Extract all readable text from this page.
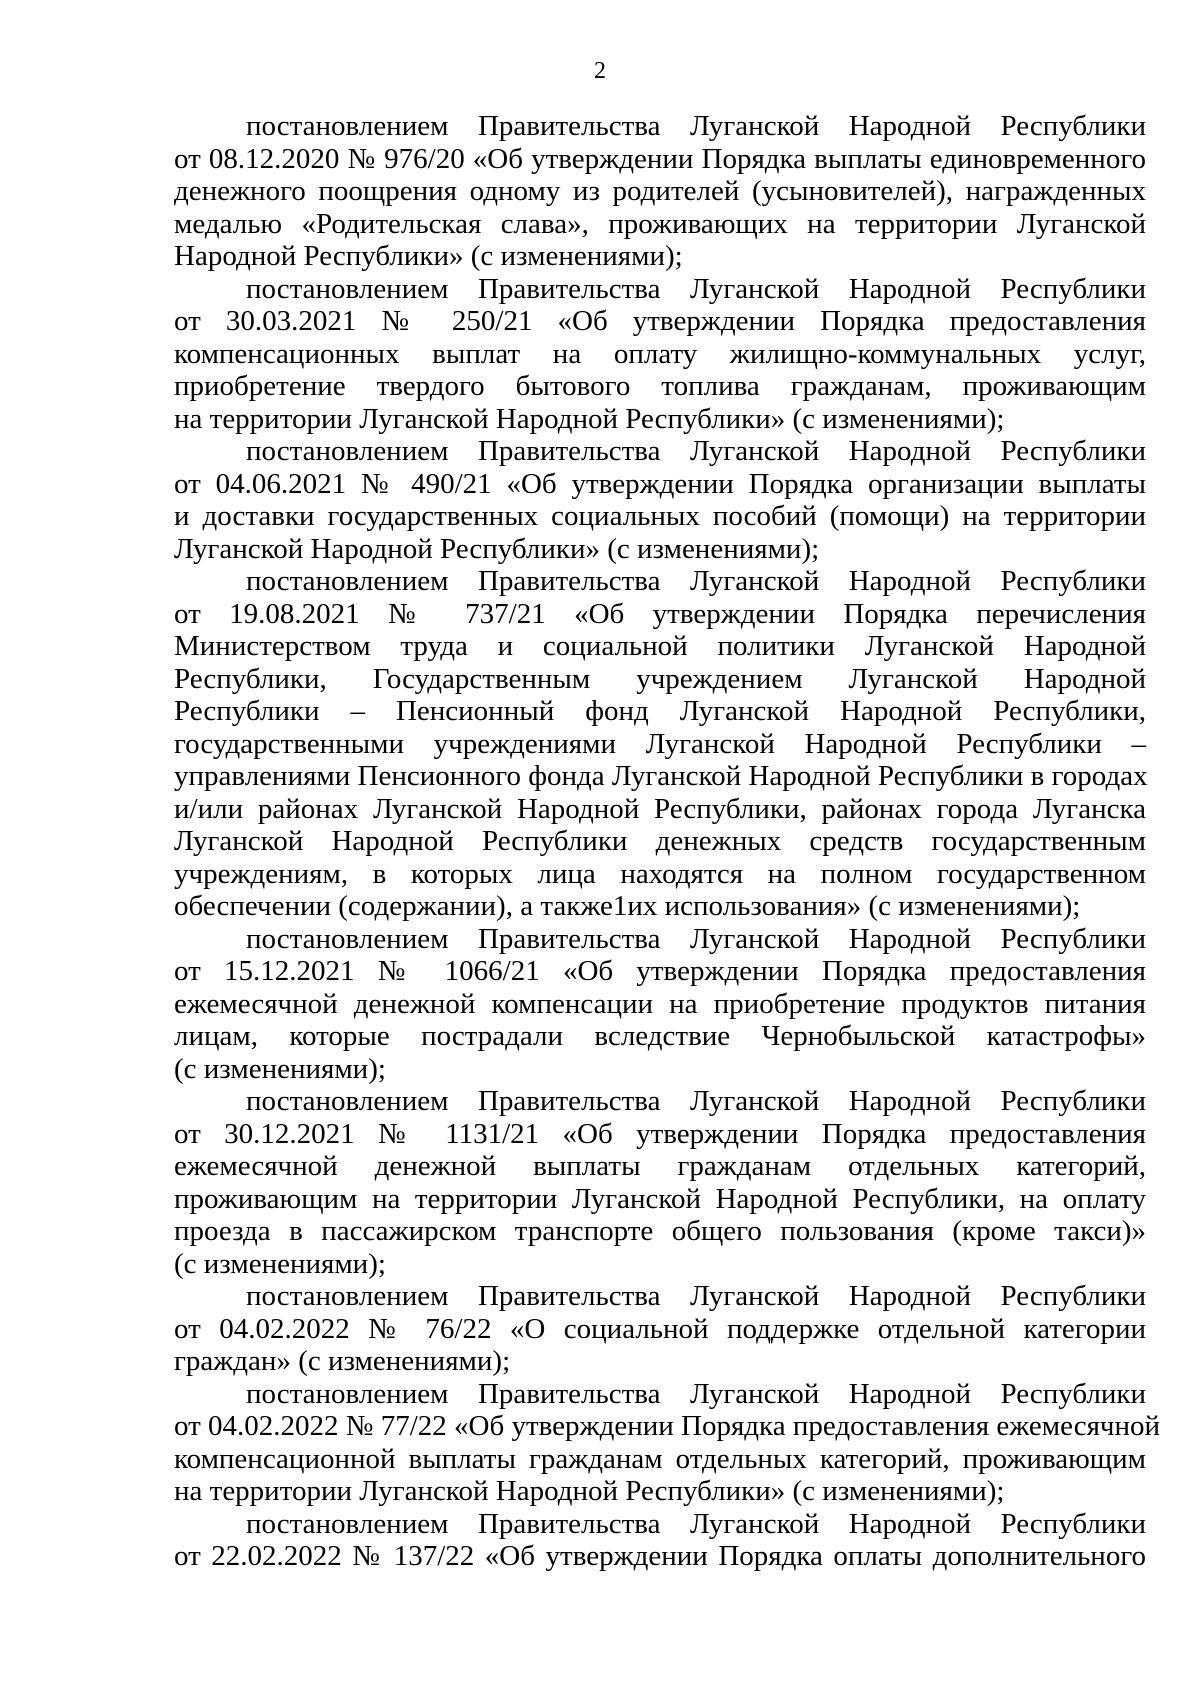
2
постановлением Правительства Луганской Народной Республики
от 08.12.2020 № 976/20 «Об утверждении Порядка выплаты единовременного
денежного поощрения одному из родителей (усыновителей), награжденных
медалью «Родительская слава», проживающих на территории Луганской
Народной Республики» (с изменениями);
постановлением Правительства Луганской Народной Республики
от 30.03.2021 № 250/21 «Об утверждении Порядка предоставления
компенсационных выплат на оплату жилищно-коммунальных услуг,
приобретение твердого бытового топлива гражданам, проживающим
на территории Луганской Народной Республики» (с изменениями);
постановлением Правительства Луганской Народной Республики
от 04.06.2021 № 490/21 «Об утверждении Порядка организации выплаты
и доставки государственных социальных пособий (помощи) на территории
Луганской Народной Республики» (с изменениями);
постановлением Правительства Луганской Народной Республики
от 19.08.2021 № 737/21 «Об утверждении Порядка перечисления
Министерством труда и социальной политики Луганской Народной
Республики, Государственным учреждением Луганской Народной
Республики – Пенсионный фонд Луганской Народной Республики,
государственными учреждениями Луганской Народной Республики –
управлениями Пенсионного фонда Луганской Народной Республики в городах
и/или районах Луганской Народной Республики, районах города Луганска
Луганской Народной Республики денежных средств государственным
учреждениям, в которых лица находятся на полном государственном
обеспечении (содержании), а также1их использования» (с изменениями);
постановлением Правительства Луганской Народной Республики
от 15.12.2021 № 1066/21 «Об утверждении Порядка предоставления
ежемесячной денежной компенсации на приобретение продуктов питания
лицам, которые пострадали вследствие Чернобыльской катастрофы»
(с изменениями);
постановлением Правительства Луганской Народной Республики
от 30.12.2021 № 1131/21 «Об утверждении Порядка предоставления
ежемесячной денежной выплаты гражданам отдельных категорий,
проживающим на территории Луганской Народной Республики, на оплату
проезда в пассажирском транспорте общего пользования (кроме такси)»
(с изменениями);
постановлением Правительства Луганской Народной Республики
от 04.02.2022 № 76/22 «О социальной поддержке отдельной категории
граждан» (с изменениями);
постановлением Правительства Луганской Народной Республики
от 04.02.2022 № 77/22 «Об утверждении Порядка предоставления ежемесячной
компенсационной выплаты гражданам отдельных категорий, проживающим
на территории Луганской Народной Республики» (с изменениями);
постановлением Правительства Луганской Народной Республики
от 22.02.2022 № 137/22 «Об утверждении Порядка оплаты дополнительного
